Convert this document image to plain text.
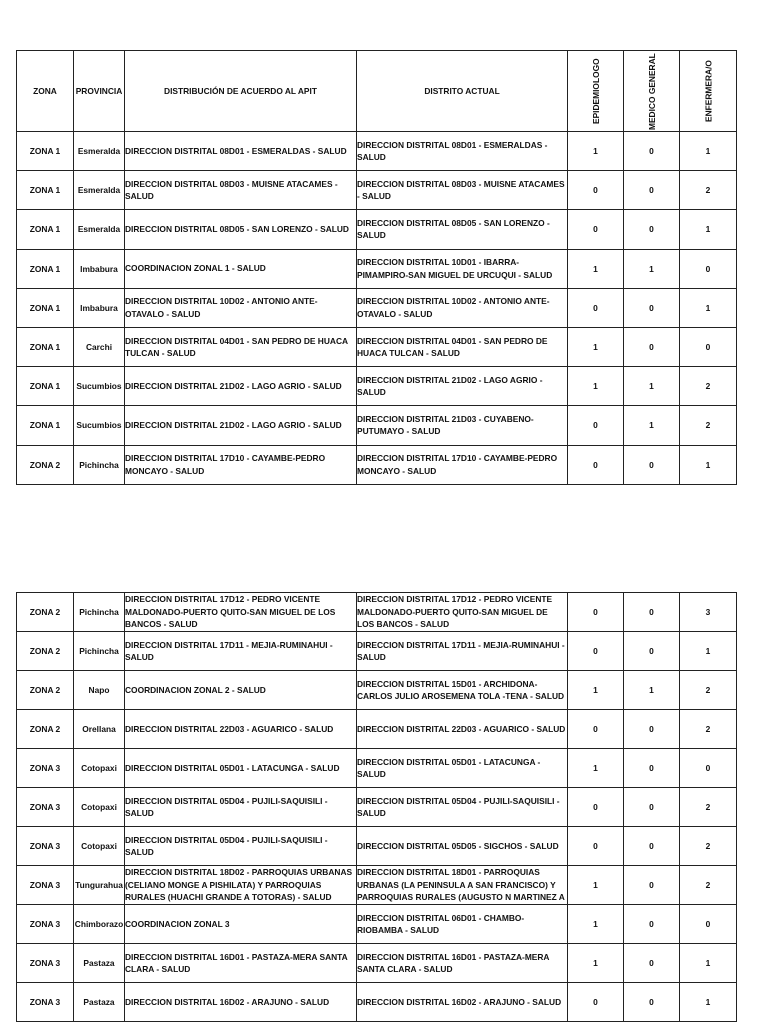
ZONA	PROVINCIA	DISTRIBUCIÓN DE ACUERDO AL APIT	DISTRITO ACTUAL	EPIDEMIOLOGO	MEDICO GENERAL	ENFERMERA/O
ZONA 1	Esmeralda	DIRECCION DISTRITAL 08D01 - ESMERALDAS - SALUD	DIRECCION DISTRITAL 08D01 - ESMERALDAS - SALUD	1	0	1
ZONA 1	Esmeralda	DIRECCION DISTRITAL 08D03 - MUISNE ATACAMES - SALUD	DIRECCION DISTRITAL 08D03 - MUISNE ATACAMES - SALUD	0	0	2
ZONA 1	Esmeralda	DIRECCION DISTRITAL 08D05 - SAN LORENZO - SALUD	DIRECCION DISTRITAL 08D05 - SAN LORENZO - SALUD	0	0	1
ZONA 1	Imbabura	COORDINACION ZONAL 1 - SALUD	DIRECCION DISTRITAL 10D01 - IBARRA-PIMAMPIRO-SAN MIGUEL DE URCUQUI - SALUD	1	1	0
ZONA 1	Imbabura	DIRECCION DISTRITAL 10D02 - ANTONIO ANTE-OTAVALO - SALUD	DIRECCION DISTRITAL 10D02 - ANTONIO ANTE-OTAVALO - SALUD	0	0	1
ZONA 1	Carchi	DIRECCION DISTRITAL 04D01 - SAN PEDRO DE HUACA TULCAN - SALUD	DIRECCION DISTRITAL 04D01 - SAN PEDRO DE HUACA TULCAN - SALUD	1	0	0
ZONA 1	Sucumbios	DIRECCION DISTRITAL 21D02 - LAGO AGRIO - SALUD	DIRECCION DISTRITAL 21D02 - LAGO AGRIO - SALUD	1	1	2
ZONA 1	Sucumbios	DIRECCION DISTRITAL 21D02 - LAGO AGRIO - SALUD	DIRECCION DISTRITAL 21D03 - CUYABENO-PUTUMAYO - SALUD	0	1	2
ZONA 2	Pichincha	DIRECCION DISTRITAL 17D10 - CAYAMBE-PEDRO MONCAYO - SALUD	DIRECCION DISTRITAL 17D10 - CAYAMBE-PEDRO MONCAYO - SALUD	0	0	1
ZONA 2	Pichincha	DIRECCION DISTRITAL 17D12 - PEDRO VICENTE MALDONADO-PUERTO QUITO-SAN MIGUEL DE LOS BANCOS - SALUD	DIRECCION DISTRITAL 17D12 - PEDRO VICENTE MALDONADO-PUERTO QUITO-SAN MIGUEL DE LOS BANCOS - SALUD	0	0	3
ZONA 2	Pichincha	DIRECCION DISTRITAL 17D11 - MEJIA-RUMINAHUI - SALUD	DIRECCION DISTRITAL 17D11 - MEJIA-RUMINAHUI - SALUD	0	0	1
ZONA 2	Napo	COORDINACION ZONAL 2 - SALUD	DIRECCION DISTRITAL 15D01 - ARCHIDONA-CARLOS JULIO AROSEMENA TOLA -TENA - SALUD	1	1	2
ZONA 2	Orellana	DIRECCION DISTRITAL 22D03 - AGUARICO - SALUD	DIRECCION DISTRITAL 22D03 - AGUARICO - SALUD	0	0	2
ZONA 3	Cotopaxi	DIRECCION DISTRITAL 05D01 - LATACUNGA - SALUD	DIRECCION DISTRITAL 05D01 - LATACUNGA - SALUD	1	0	0
ZONA 3	Cotopaxi	DIRECCION DISTRITAL 05D04 - PUJILI-SAQUISILI - SALUD	DIRECCION DISTRITAL 05D04 - PUJILI-SAQUISILI - SALUD	0	0	2
ZONA 3	Cotopaxi	DIRECCION DISTRITAL 05D04 - PUJILI-SAQUISILI - SALUD	DIRECCION DISTRITAL 05D05 - SIGCHOS - SALUD	0	0	2
ZONA 3	Tungurahua	DIRECCION DISTRITAL 18D02 - PARROQUIAS URBANAS (CELIANO MONGE A PISHILATA) Y PARROQUIAS RURALES (HUACHI GRANDE A TOTORAS) - SALUD	DIRECCION DISTRITAL 18D01 - PARROQUIAS URBANAS (LA PENINSULA A SAN FRANCISCO) Y PARROQUIAS RURALES (AUGUSTO N MARTINEZ A	1	0	2
ZONA 3	Chimborazo	COORDINACION ZONAL 3	DIRECCION DISTRITAL 06D01 - CHAMBO-RIOBAMBA - SALUD	1	0	0
ZONA 3	Pastaza	DIRECCION DISTRITAL 16D01 - PASTAZA-MERA SANTA CLARA - SALUD	DIRECCION DISTRITAL 16D01 - PASTAZA-MERA SANTA CLARA - SALUD	1	0	1
ZONA 3	Pastaza	DIRECCION DISTRITAL 16D02 - ARAJUNO - SALUD	DIRECCION DISTRITAL 16D02 - ARAJUNO - SALUD	0	0	1
